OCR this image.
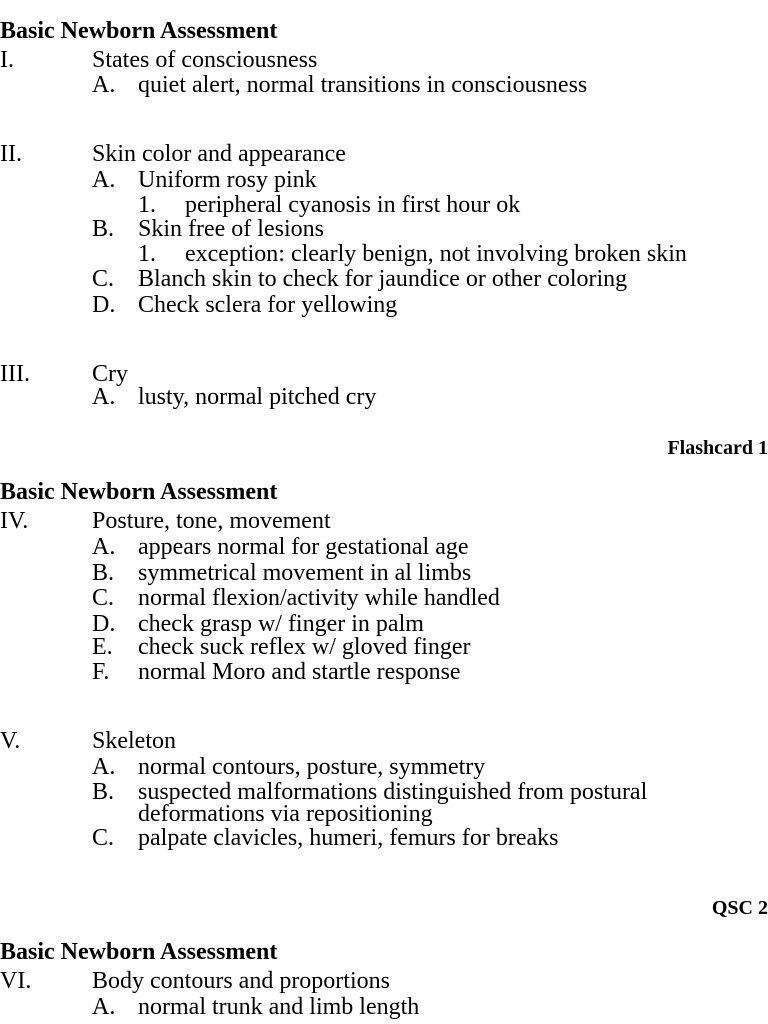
Basic Newborn Assessment
I.	States of consciousness
A. quiet alert, normal transitions in consciousness
II.	Skin color and appearance
A. Uniform rosy pink
1. peripheral cyanosis in first hour ok
B. Skin free of lesions
1. exception: clearly benign, not involving broken skin
C. Blanch skin to check for jaundice or other coloring
D. Check sclera for yellowing
III.	Cry
A. lusty, normal pitched cry
Flashcard 1
Basic Newborn Assessment
IV.	Posture, tone, movement
A. appears normal for gestational age
B. symmetrical movement in al limbs
C. normal flexion/activity while handled
D. check grasp w/ finger in palm
E. check suck reflex w/ gloved finger
F. normal Moro and startle response
V.	Skeleton
A. normal contours, posture, symmetry
B. suspected malformations distinguished from postural
deformations via repositioning
C. palpate clavicles, humeri, femurs for breaks
QSC 2
Basic Newborn Assessment
VI.	Body contours and proportions
A. normal trunk and limb length
